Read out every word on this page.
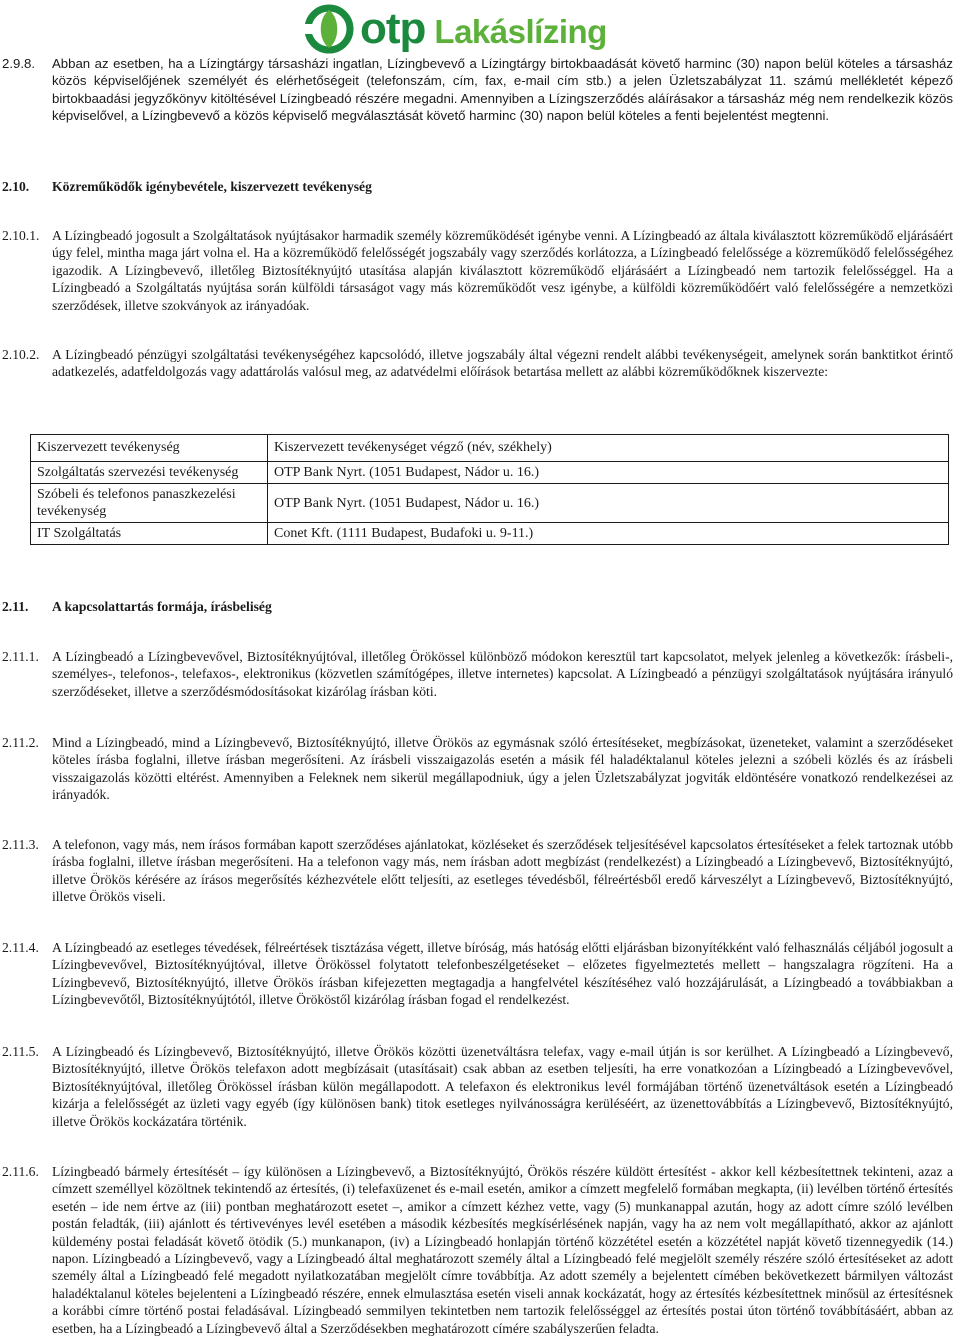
otp Lakáslízing
2.9.8. Abban az esetben, ha a Lízingtárgy társasházi ingatlan, Lízingbevevő a Lízingtárgy birtokbaadását követő harminc (30) napon belül köteles a társasház közös képviselőjének személyét és elérhetőségeit (telefonszám, cím, fax, e-mail cím stb.) a jelen Üzletszabályzat 11. számú mellékletét képező birtokbaadási jegyzőkönyv kitöltésével Lízingbeadó részére megadni. Amennyiben a Lízingszerződés aláírásakor a társasház még nem rendelkezik közös képviselővel, a Lízingbevevő a közös képviselő megválasztását követő harminc (30) napon belül köteles a fenti bejelentést megtenni.
2.10. Közreműködők igénybevétele, kiszervezett tevékenység
2.10.1. A Lízingbeadó jogosult a Szolgáltatások nyújtásakor harmadik személy közreműködését igénybe venni. A Lízingbeadó az általa kiválasztott közreműködő eljárásáért úgy felel, mintha maga járt volna el. Ha a közreműködő felelősségét jogszabály vagy szerződés korlátozza, a Lízingbeadó felelőssége a közreműködő felelősségéhez igazodik. A Lízingbevevő, illetőleg Biztosítéknyújtó utasítása alapján kiválasztott közreműködő eljárásáért a Lízingbeadó nem tartozik felelősséggel. Ha a Lízingbeadó a Szolgáltatás nyújtása során külföldi társaságot vagy más közreműködőt vesz igénybe, a külföldi közreműködőért való felelősségére a nemzetközi szerződések, illetve szokványok az irányadóak.
2.10.2. A Lízingbeadó pénzügyi szolgáltatási tevékenységéhez kapcsolódó, illetve jogszabály által végezni rendelt alábbi tevékenységeit, amelynek során banktitkot érintő adatkezelés, adatfeldolgozás vagy adattárolás valósul meg, az adatvédelmi előírások betartása mellett az alábbi közreműködőknek kiszervezte:
Kiszervezett tevékenység	Kiszervezett tevékenységet végző (név, székhely)
Szolgáltatás szervezési tevékenység	OTP Bank Nyrt. (1051 Budapest, Nádor u. 16.)
Szóbeli és telefonos panaszkezelési tevékenység	OTP Bank Nyrt. (1051 Budapest, Nádor u. 16.)
IT Szolgáltatás	Conet Kft. (1111 Budapest, Budafoki u. 9-11.)
2.11. A kapcsolattartás formája, írásbeliség
2.11.1. A Lízingbeadó a Lízingbevevővel, Biztosítéknyújtóval, illetőleg Örökössel különböző módokon keresztül tart kapcsolatot, melyek jelenleg a következők: írásbeli-, személyes-, telefonos-, telefaxos-, elektronikus (közvetlen számítógépes, illetve internetes) kapcsolat. A Lízingbeadó a pénzügyi szolgáltatások nyújtására irányuló szerződéseket, illetve a szerződésmódosításokat kizárólag írásban köti.
2.11.2. Mind a Lízingbeadó, mind a Lízingbevevő, Biztosítéknyújtó, illetve Örökös az egymásnak szóló értesítéseket, megbízásokat, üzeneteket, valamint a szerződéseket köteles írásba foglalni, illetve írásban megerősíteni. Az írásbeli visszaigazolás esetén a másik fél haladéktalanul köteles jelezni a szóbeli közlés és az írásbeli visszaigazolás közötti eltérést. Amennyiben a Feleknek nem sikerül megállapodniuk, úgy a jelen Üzletszabályzat jogviták eldöntésére vonatkozó rendelkezései az irányadók.
2.11.3. A telefonon, vagy más, nem írásos formában kapott szerződéses ajánlatokat, közléseket és szerződések teljesítésével kapcsolatos értesítéseket a felek tartoznak utóbb írásba foglalni, illetve írásban megerősíteni. Ha a telefonon vagy más, nem írásban adott megbízást (rendelkezést) a Lízingbeadó a Lízingbevevő, Biztosítéknyújtó, illetve Örökös kérésére az írásos megerősítés kézhezvétele előtt teljesíti, az esetleges tévedésből, félreértésből eredő kárveszélyt a Lízingbevevő, Biztosítéknyújtó, illetve Örökös viseli.
2.11.4. A Lízingbeadó az esetleges tévedések, félreértések tisztázása végett, illetve bíróság, más hatóság előtti eljárásban bizonyítékként való felhasználás céljából jogosult a Lízingbevevővel, Biztosítéknyújtóval, illetve Örökössel folytatott telefonbeszélgetéseket – előzetes figyelmeztetés mellett – hangszalagra rögzíteni. Ha a Lízingbevevő, Biztosítéknyújtó, illetve Örökös írásban kifejezetten megtagadja a hangfelvétel készítéséhez való hozzájárulását, a Lízingbeadó a továbbiakban a Lízingbevevőtől, Biztosítéknyújtótól, illetve Örököstől kizárólag írásban fogad el rendelkezést.
2.11.5. A Lízingbeadó és Lízingbevevő, Biztosítéknyújtó, illetve Örökös közötti üzenetváltásra telefax, vagy e-mail útján is sor kerülhet. A Lízingbeadó a Lízingbevevő, Biztosítéknyújtó, illetve Örökös telefaxon adott megbízásait (utasításait) csak abban az esetben teljesíti, ha erre vonatkozóan a Lízingbeadó a Lízingbevevővel, Biztosítéknyújtóval, illetőleg Örökössel írásban külön megállapodott. A telefaxon és elektronikus levél formájában történő üzenetváltások esetén a Lízingbeadó kizárja a felelősségét az üzleti vagy egyéb (így különösen bank) titok esetleges nyilvánosságra kerüléséért, az üzenettovábbítás a Lízingbevevő, Biztosítéknyújtó, illetve Örökös kockázatára történik.
2.11.6. Lízingbeadó bármely értesítését – így különösen a Lízingbevevő, a Biztosítéknyújtó, Örökös részére küldött értesítést - akkor kell kézbesítettnek tekinteni, azaz a címzett személlyel közöltnek tekintendő az értesítés, (i) telefaxüzenet és e-mail esetén, amikor a címzett megfelelő formában megkapta, (ii) levélben történő értesítés esetén – ide nem értve az (iii) pontban meghatározott esetet –, amikor a címzett kézhez vette, vagy (5) munkanappal azután, hogy az adott címre szóló levélben postán feladták, (iii) ajánlott és tértivevényes levél esetében a második kézbesítés megkísérlésének napján, vagy ha az nem volt megállapítható, akkor az ajánlott küldemény postai feladását követő ötödik (5.) munkanapon, (iv) a Lízingbeadó honlapján történő közzététel esetén a közzététel napját követő tizennegyedik (14.) napon. Lízingbeadó a Lízingbevevő, vagy a Lízingbeadó által meghatározott személy által a Lízingbeadó felé megjelölt személy részére szóló értesítéseket az adott személy által a Lízingbeadó felé megadott nyilatkozatában megjelölt címre továbbítja. Az adott személy a bejelentett címében bekövetkezett bármilyen változást haladéktalanul köteles bejelenteni a Lízingbeadó részére, ennek elmulasztása esetén viseli annak kockázatát, hogy az értesítés kézbesítettnek minősül az értesítésnek a korábbi címre történő postai feladásával. Lízingbeadó semmilyen tekintetben nem tartozik felelősséggel az értesítés postai úton történő továbbításáért, abban az esetben, ha a Lízingbeadó a Lízingbevevő által a Szerződésekben meghatározott címére szabályszerűen feladta.
